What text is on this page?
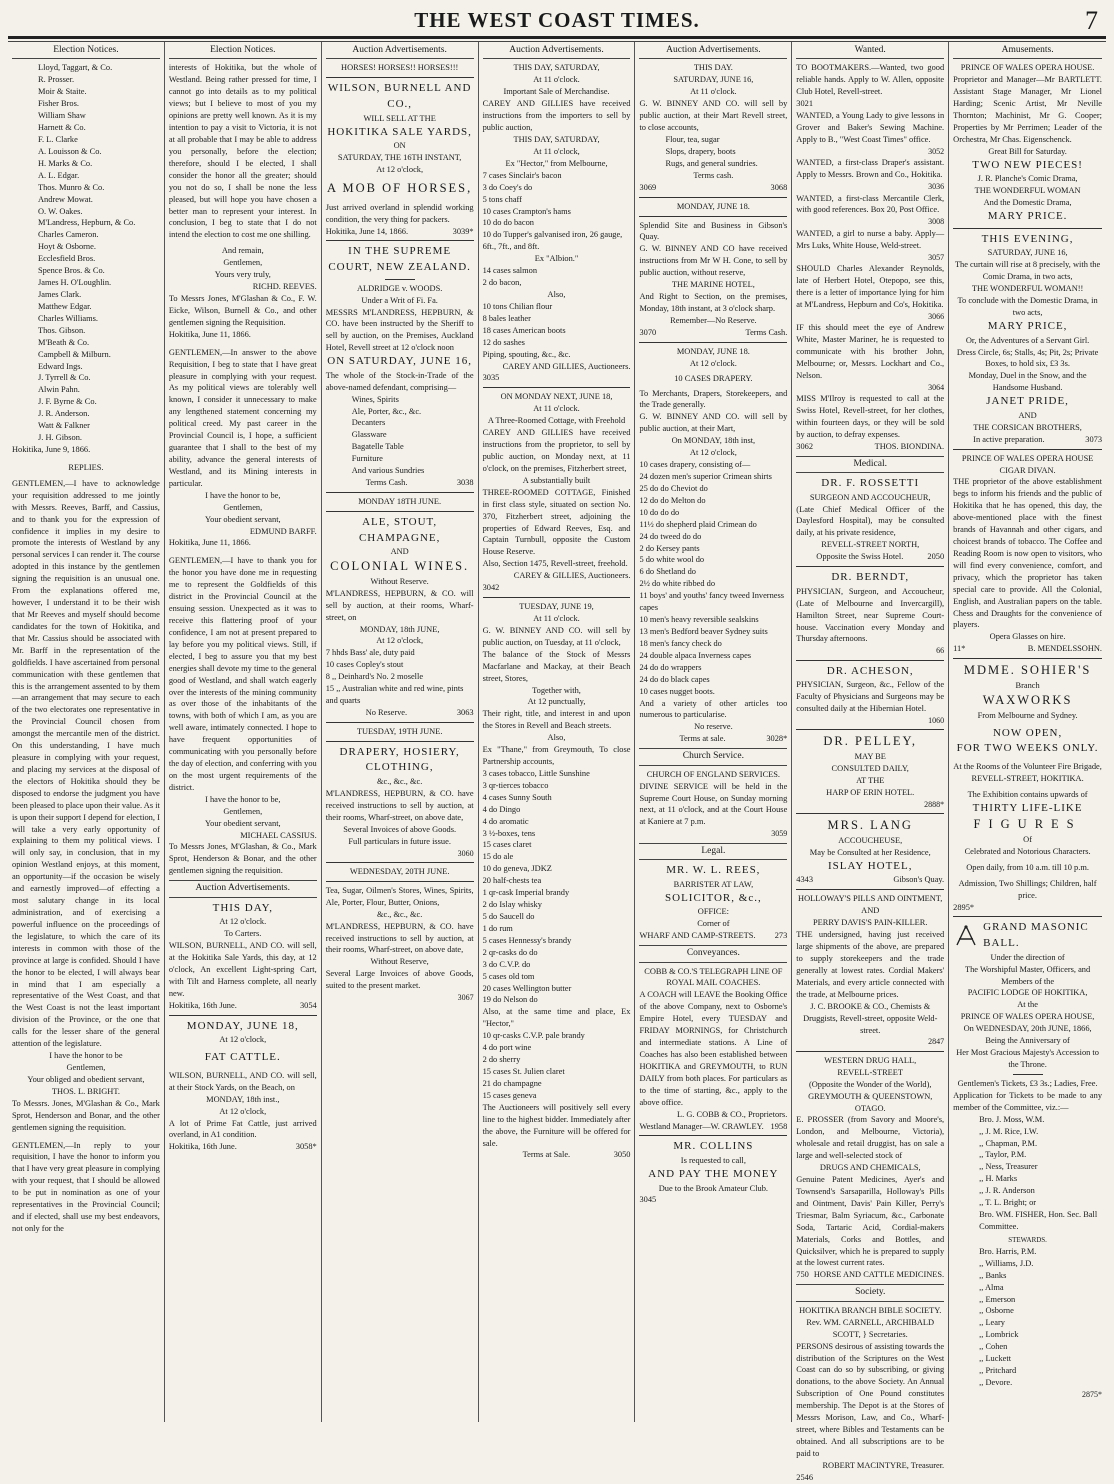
THE WEST COAST TIMES.	7
Election Notices.
Lloyd, Taggart, & Co.
R. Prosser.
Moir & Staite.
Fisher Bros.
William Shaw
Harnett & Co.
F. L. Clarke
A. Louisson & Co.
H. Marks & Co.
A. L. Edgar.
Thos. Munro & Co.
Andrew Mowat.
O. W. Oakes.
M'Landress, Hepburn, & Co.
Charles Cameron.
Hoyt & Osborne.
Ecclesfield Bros.
Spence Bros. & Co.
James H. O'Loughlin.
James Clark.
Matthew Edgar.
Charles Williams.
Thos. Gibson.
M'Beath & Co.
Campbell & Milburn.
Edward Ings.
J. Tyrrell & Co.
Alwin Pahn.
J. F. Byrne & Co.
J. R. Anderson.
Watt & Falkner
J. H. Gibson.
Hokitika, June 9, 1866.
REPLIES.

GENTLEMEN,—I have to acknowledge your requisition addressed to me jointly with Messrs. Reeves, Barff, and Cassius, and to thank you for the expression of confidence it implies in my desire to promote the interests of Westland by any personal services I can render it. The course adopted in this instance by the gentlemen signing the requisition is an unusual one. From the explanations offered me, however, I understand it to be their wish that Mr Reeves and myself should become candidates for the town of Hokitika, and that Mr. Cassius should be associated with Mr. Barff in the representation of the goldfields. I have ascertained from personal communication with these gentlemen that this is the arrangement assented to by them—an arrangement that may secure to each of the two electorates one representative in the Provincial Council chosen from amongst the mercantile men of the district. On this understanding, I have much pleasure in complying with your request, and placing my services at the disposal of the electors of Hokitika should they be disposed to endorse the judgment you have been pleased to place upon their value. As it is upon their support I depend for election, I will take a very early opportunity of explaining to them my political views. I will only say, in conclusion, that in my opinion Westland enjoys, at this moment, an opportunity—if the occasion be wisely and earnestly improved—of effecting a most salutary change in its local administration, and of exercising a powerful influence on the proceedings of the legislature, to which the care of its interests in common with those of the province at large is confided. Should I have the honor to be elected, I will always bear in mind that I am especially a representative of the West Coast, and that the West Coast is not the least important division of the Province, or the one that calls for the lesser share of the general attention of the legislature.

I have the honor to be
Gentlemen,
Your obliged and obedient servant,
THOS. L. BRIGHT.

To Messrs. Jones, M'Glashan & Co., Mark Sprot, Henderson and Bonar, and the other gentlemen signing the requisition.

GENTLEMEN,—In reply to your requisition, I have the honor to inform you that I have very great pleasure in complying with your request, that I should be allowed to be put in nomination as one of your representatives in the Provincial Council; and if elected, shall use my best endeavors, not only for the

Election Notices.

interests of Hokitika, but the whole of Westland. Being rather pressed for time, I cannot go into details as to my political views; but I believe to most of you my opinions are pretty well known. As it is my intention to pay a visit to Victoria, it is not at all probable that I may be able to address you personally, before the election; therefore, should I be elected, I shall consider the honor all the greater; should you not do so, I shall be none the less pleased, but will hope you have chosen a better man to represent your interest. In conclusion, I beg to state that I do not intend the election to cost me one shilling.

And remain,
Gentlemen,
Yours very truly,
RICHD. REEVES.

To Messrs Jones, M'Glashan & Co., F. W. Eicke, Wilson, Burnell & Co., and other gentlemen signing the Requisition.

Hokitika, June 11, 1866.

GENTLEMEN,—In answer to the above Requisition, I beg to state that I have great pleasure in complying with your request. As my political views are tolerably well known, I consider it unnecessary to make any lengthened statement concerning my political creed. My past career in the Provincial Council is, I hope, a sufficient guarantee that I shall to the best of my ability, advance the general interests of Westland, and its Mining interests in particular.

I have the honor to be,
Gentlemen,
Your obedient servant,
EDMUND BARFF.
Hokitika, June 11, 1866.

GENTLEMEN,—I have to thank you for the honor you have done me in requesting me to represent the Goldfields of this district in the Provincial Council at the ensuing session. Unexpected as it was to receive this flattering proof of your confidence, I am not at present prepared to lay before you my political views. Still, if elected, I beg to assure you that my best energies shall devote my time to the general good of Westland, and shall watch eagerly over the interests of the mining community as over those of the inhabitants of the towns, with both of which I am, as you are well aware, intimately connected. I hope to have frequent opportunities of communicating with you personally before the day of election, and conferring with you on the most urgent requirements of the district.

I have the honor to be,
Gentlemen,
Your obedient servant,
MICHAEL CASSIUS.

To Messrs Jones, M'Glashan, & Co., Mark Sprot, Henderson & Bonar, and the other gentlemen signing the requisition.

Auction Advertisements.
THIS DAY,
At 12 o'clock.
To Carters.

WILSON, BURNELL, AND CO. will sell, at the Hokitika Sale Yards, this day, at 12 o'clock, An excellent Light-spring Cart, with Tilt and Harness complete, all nearly new.

Hokitika, 16th June.	3054
MONDAY, JUNE 18,
At 12 o'clock,
FAT CATTLE.

WILSON, BURNELL, AND CO. will sell, at their Stock Yards, on the Beach, on

MONDAY, 18th inst.,
At 12 o'clock,

A lot of Prime Fat Cattle, just arrived overland, in A1 condition.

Hokitika, 16th June.	3058*
Auction Advertisements.
HORSES! HORSES!! HORSES!!!
WILSON, BURNELL AND CO.,
WILL SELL AT THE
HOKITIKA SALE YARDS,
ON
SATURDAY, THE 16TH INSTANT,
At 12 o'clock,
A MOB OF HORSES,

Just arrived overland in splendid working condition, the very thing for packers.

Hokitika, June 14, 1866.	3039*
IN THE SUPREME COURT, NEW ZEALAND.
ALDRIDGE v. WOODS.
Under a Writ of Fi. Fa.

MESSRS M'LANDRESS, HEPBURN, & CO. have been instructed by the Sheriff to sell by auction, on the Premises, Auckland Hotel, Revell street at 12 o'clock noon

ON SATURDAY, JUNE 16,

The whole of the Stock-in-Trade of the above-named defendant, comprising—

Wines, Spirits
Ale, Porter, &c., &c.
Decanters
Glassware
Bagatelle Table
Furniture
And various Sundries
Terms Cash.	3038
MONDAY 18TH JUNE.
ALE, STOUT, CHAMPAGNE,
AND
COLONIAL WINES.
Without Reserve.

M'LANDRESS, HEPBURN, & CO. will sell by auction, at their rooms, Wharf-street, on

MONDAY, 18th JUNE,
At 12 o'clock,
7 hhds Bass' ale, duty paid
10 cases Copley's stout
8 ,, Deinhard's No. 2 moselle
15 ,, Australian white and red wine, pints and quarts
No Reserve.	3063
TUESDAY, 19TH JUNE.
DRAPERY, HOSIERY, CLOTHING,
&c., &c., &c.

M'LANDRESS, HEPBURN, & CO. have received instructions to sell by auction, at their rooms, Wharf-street, on above date,

Several Invoices of above Goods.
Full particulars in future issue.
3060
WEDNESDAY, 20TH JUNE.

Tea, Sugar, Oilmen's Stores, Wines, Spirits, Ale, Porter, Flour, Butter, Onions,

&c., &c., &c.

M'LANDRESS, HEPBURN, & CO. have received instructions to sell by auction, at their rooms, Wharf-street, on above date,

Without Reserve,

Several Large Invoices of above Goods, suited to the present market.

3067
Auction Advertisements.
THIS DAY, SATURDAY,
At 11 o'clock.
Important Sale of Merchandise.

CAREY AND GILLIES have received instructions from the importers to sell by public auction,

THIS DAY, SATURDAY,
At 11 o'clock,
Ex "Hector," from Melbourne,
7 cases Sinclair's bacon
3 do Coey's do
5 tons chaff
10 cases Crampton's hams
10 do do bacon
10 do Tupper's galvanised iron, 26 gauge, 6ft., 7ft., and 8ft.
Ex "Albion."
14 cases salmon
2 do bacon,
Also,
10 tons Chilian flour
8 bales leather
18 cases American boots
12 do sashes
Piping, spouting, &c., &c.
CAREY AND GILLIES, Auctioneers.
3035
ON MONDAY NEXT, JUNE 18,
At 11 o'clock.
A Three-Roomed Cottage, with Freehold

CAREY AND GILLIES have received instructions from the proprietor, to sell by public auction, on Monday next, at 11 o'clock, on the premises, Fitzherbert street,

A substantially built

THREE-ROOMED COTTAGE, Finished in first class style, situated on section No. 370, Fitzherbert street, adjoining the properties of Edward Reeves, Esq. and Captain Turnbull, opposite the Custom House Reserve.

Also, Section 1475, Revell-street, freehold.

CAREY & GILLIES, Auctioneers.
3042
TUESDAY, JUNE 19,
At 11 o'clock.

G. W. BINNEY AND CO. will sell by public auction, on Tuesday, at 11 o'clock,

The balance of the Stock of Messrs Macfarlane and Mackay, at their Beach street, Stores,

Together with,
At 12 punctually,

Their right, title, and interest in and upon the Stores in Revell and Beach streets.

Also,

Ex "Thane," from Greymouth, To close Partnership accounts,

3 cases tobacco, Little Sunshine
3 qr-tierces tobacco
4 cases Sunny South
4 do Dingo
4 do aromatic
3 ½-boxes, tens
15 cases claret
15 do ale
10 do geneva, JDKZ
20 half-chests tea
1 qr-cask Imperial brandy
2 do Islay whisky
5 do Saucell do
1 do rum
5 cases Hennessy's brandy
2 qr-casks do do
3 do C.V.P. do
5 cases old tom
20 cases Wellington butter
19 do Nelson do

Also, at the same time and place, Ex "Hector,"

10 qr-casks C.V.P. pale brandy
4 do port wine
2 do sherry
15 cases St. Julien claret
21 do champagne
15 cases geneva

The Auctioneers will positively sell every line to the highest bidder. Immediately after the above, the Furniture will be offered for sale.

Terms at Sale.	3050
Auction Advertisements.
THIS DAY.
SATURDAY, JUNE 16,
At 11 o'clock.

G. W. BINNEY AND CO. will sell by public auction, at their Mart Revell street, to close accounts,

Flour, tea, sugar
Slops, drapery, boots
Rugs, and general sundries.
Terms cash.
3069	3068
MONDAY, JUNE 18.

Splendid Site and Business in Gibson's Quay.

G. W. BINNEY AND CO have received instructions from Mr W H. Cone, to sell by public auction, without reserve,

THE MARINE HOTEL,

And Right to Section, on the premises, Monday, 18th instant, at 3 o'clock sharp.

Remember—No Reserve.
3070	Terms Cash.
MONDAY, JUNE 18.
At 12 o'clock.
10 CASES DRAPERY.

To Merchants, Drapers, Storekeepers, and the Trade generally.

G. W. BINNEY AND CO. will sell by public auction, at their Mart,

On MONDAY, 18th inst,
At 12 o'clock,
10 cases drapery, consisting of—
24 dozen men's superior Crimean shirts
25 do do Cheviot do
12 do do Melton do
10 do do do
11½ do shepherd plaid Crimean do
24 do tweed do do
2 do Kersey pants
5 do white wool do
6 do Shetland do
2½ do white ribbed do
11 boys' and youths' fancy tweed Inverness capes
10 men's heavy reversible sealskins
13 men's Bedford beaver Sydney suits
18 men's fancy check do
24 double alpaca Inverness capes
24 do do wrappers
24 do do black capes
10 cases nugget boots.

And a variety of other articles too numerous to particularise.

No reserve.
Terms at sale.	3028*
Church Service.
CHURCH OF ENGLAND SERVICES.

DIVINE SERVICE will be held in the Supreme Court House, on Sunday morning next, at 11 o'clock, and at the Court House at Kaniere at 7 p.m.

3059
Legal.
MR. W. L. REES,
BARRISTER AT LAW,
SOLICITOR, &c.,
OFFICE:
Corner of
WHARF AND CAMP-STREETS. 273
Conveyances.
COBB & CO.'S TELEGRAPH LINE OF ROYAL MAIL COACHES.

A COACH will LEAVE the Booking Office of the above Company, next to Osborne's Empire Hotel, every TUESDAY and FRIDAY MORNINGS, for Christchurch and intermediate stations. A Line of Coaches has also been established between HOKITIKA and GREYMOUTH, to RUN DAILY from both places. For particulars as to the time of starting, &c., apply to the above office.

L. G. COBB & CO., Proprietors.
Westland Manager—W. CRAWLEY. 1958
MR. COLLINS
Is requested to call,
AND PAY THE MONEY
Due to the Brook Amateur Club.
3045
Wanted.

TO BOOTMAKERS.—Wanted, two good reliable hands. Apply to W. Allen, opposite Club Hotel, Revell-street.

3021

WANTED, a Young Lady to give lessons in Grover and Baker's Sewing Machine. Apply to B., "West Coast Times" office.

3052

WANTED, a first-class Draper's assistant. Apply to Messrs. Brown and Co., Hokitika.

3036

WANTED, a first-class Mercantile Clerk, with good references. Box 20, Post Office.

3008

WANTED, a girl to nurse a baby. Apply—Mrs Luks, White House, Weld-street.

3057

SHOULD Charles Alexander Reynolds, late of Herbert Hotel, Otepopo, see this, there is a letter of importance lying for him at M'Landress, Hepburn and Co's, Hokitika.

3066

IF this should meet the eye of Andrew White, Master Mariner, he is requested to communicate with his brother John, Melbourne; or, Messrs. Lockhart and Co., Nelson.

3064

MISS M'Ilroy is requested to call at the Swiss Hotel, Revell-street, for her clothes, within fourteen days, or they will be sold by auction, to defray expenses.

3062	THOS. BIONDINA.
Medical.
DR. F. ROSSETTI
SURGEON AND ACCOUCHEUR,

(Late Chief Medical Officer of the Daylesford Hospital), may be consulted daily, at his private residence,

REVELL-STREET NORTH,
Opposite the Swiss Hotel.	2050
DR. BERNDT,

PHYSICIAN, Surgeon, and Accoucheur, (Late of Melbourne and Invercargill), Hamilton Street, near Supreme Court-house. Vaccination every Monday and Thursday afternoons.

66
DR. ACHESON,

PHYSICIAN, Surgeon, &c., Fellow of the Faculty of Physicians and Surgeons may be consulted daily at the Hibernian Hotel.

1060
DR. PELLEY,
MAY BE
CONSULTED DAILY,
AT THE
HARP OF ERIN HOTEL.
2888*
MRS. LANG
ACCOUCHEUSE,
May be Consulted at her Residence,
ISLAY HOTEL,
4343	Gibson's Quay.
HOLLOWAY'S PILLS AND OINTMENT,
AND
PERRY DAVIS'S PAIN-KILLER.

THE undersigned, having just received large shipments of the above, are prepared to supply storekeepers and the trade generally at lowest rates. Cordial Makers' Materials, and every article connected with the trade, at Melbourne prices.

J. C. BROOKE & CO., Chemists & Druggists, Revell-street, opposite Weld-street.
2847
WESTERN DRUG HALL,
REVELL-STREET
(Opposite the Wonder of the World), GREYMOUTH & QUEENSTOWN, OTAGO.

E. PROSSER (from Savory and Moore's, London, and Melbourne, Victoria), wholesale and retail druggist, has on sale a large and well-selected stock of

DRUGS AND CHEMICALS,

Genuine Patent Medicines, Ayer's and Townsend's Sarsaparilla, Holloway's Pills and Ointment, Davis' Pain Killer, Perry's Triesmar, Balm Syriacum, &c., Carbonate Soda, Tartaric Acid, Cordial-makers Materials, Corks and Bottles, and Quicksilver, which he is prepared to supply at the lowest current rates.

750 HORSE AND CATTLE MEDICINES.
Society.
HOKITIKA BRANCH BIBLE SOCIETY.
Rev. WM. CARNELL, ARCHIBALD SCOTT, } Secretaries.

PERSONS desirous of assisting towards the distribution of the Scriptures on the West Coast can do so by subscribing, or giving donations, to the above Society. An Annual Subscription of One Pound constitutes membership. The Depot is at the Stores of Messrs Morison, Law, and Co., Wharf-street, where Bibles and Testaments can be obtained. And all subscriptions are to be paid to

ROBERT MACINTYRE, Treasurer.
2546
Amusements.
PRINCE OF WALES OPERA HOUSE.

Proprietor and Manager—Mr BARTLETT. Assistant Stage Manager, Mr Lionel Harding; Scenic Artist, Mr Neville Thornton; Machinist, Mr G. Cooper; Properties by Mr Perrimen; Leader of the Orchestra, Mr Chas. Eigenschenck.

Great Bill for Saturday.
TWO NEW PIECES!
J. R. Planche's Comic Drama,
THE WONDERFUL WOMAN
And the Domestic Drama,
MARY PRICE.
THIS EVENING,
SATURDAY, JUNE 16,
The curtain will rise at 8 precisely, with the Comic Drama, in two acts,
THE WONDERFUL WOMAN!!
To conclude with the Domestic Drama, in two acts,
MARY PRICE,
Or, the Adventures of a Servant Girl.
Dress Circle, 6s; Stalls, 4s; Pit, 2s; Private Boxes, to hold six, £3 3s.
Monday, Duel in the Snow, and the Handsome Husband.
JANET PRIDE,
AND
THE CORSICAN BROTHERS,
In active preparation.	3073
PRINCE OF WALES OPERA HOUSE CIGAR DIVAN.

THE proprietor of the above establishment begs to inform his friends and the public of Hokitika that he has opened, this day, the above-mentioned place with the finest brands of Havannah and other cigars, and choicest brands of tobacco. The Coffee and Reading Room is now open to visitors, who will find every convenience, comfort, and privacy, which the proprietor has taken special care to provide. All the Colonial, English, and Australian papers on the table. Chess and Draughts for the convenience of players.

Opera Glasses on hire.
11*	B. MENDELSSOHN.
MDME. SOHIER'S
Branch
WAXWORKS
From Melbourne and Sydney.
NOW OPEN,
FOR TWO WEEKS ONLY.
At the Rooms of the Volunteer Fire Brigade,
REVELL-STREET, HOKITIKA.
The Exhibition contains upwards of
THIRTY LIFE-LIKE
FIGURES
Of
Celebrated and Notorious Characters.
Open daily, from 10 a.m. till 10 p.m.
Admission, Two Shillings; Children, half price.
2895*
GRAND MASONIC BALL.
Under the direction of
The Worshipful Master, Officers, and
Members of the
PACIFIC LODGE OF HOKITIKA,
At the
PRINCE OF WALES OPERA HOUSE,
On WEDNESDAY, 20th JUNE, 1866,
Being the Anniversary of
Her Most Gracious Majesty's Accession to the Throne.
Gentlemen's Tickets, £3 3s.; Ladies, Free.

Application for Tickets to be made to any member of the Committee, viz.:—

Bro. J. Moss, W.M.
,, J. M. Rice, I.W.
,, Chapman, P.M.
,, Taylor, P.M.
,, Ness, Treasurer
,, H. Marks
,, J. R. Anderson
,, T. L. Bright; or
Bro. WM. FISHER, Hon. Sec. Ball Committee.
STEWARDS.
Bro. Harris, P.M.
,, Williams, J.D.
,, Banks
,, Alma
,, Emerson
,, Osborne
,, Leary
,, Lombrick
,, Cohen
,, Luckett
,, Pritchard
,, Devore.
2875*
